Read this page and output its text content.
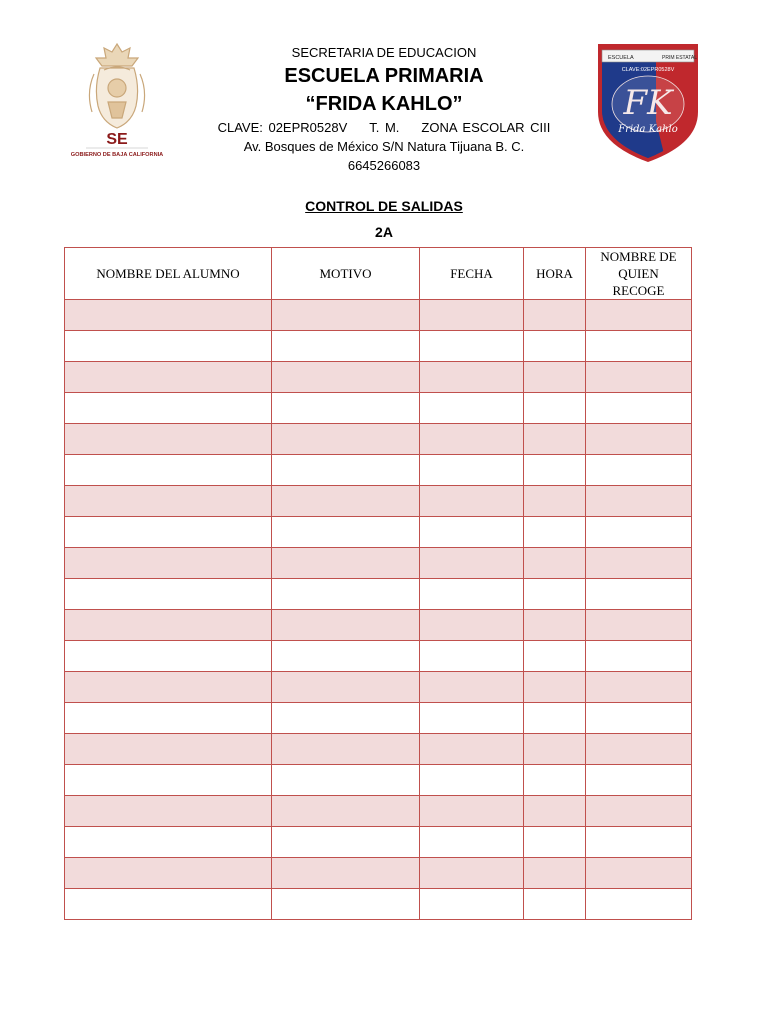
SE
GOBIERNO DE BAJA CALIFORNIA
SECRETARIA DE EDUCACION
ESCUELA PRIMARIA
“FRIDA KAHLO”
CLAVE: 02EPR0528V T. M. ZONA ESCOLAR CIII
Av. Bosques de México S/N Natura Tijuana B. C.
6645266083
ESCUELA	PRIM ESTATAL
CLAVE:02EPR0528V
FK
Frida Kahlo
CONTROL DE SALIDAS
2A
NOMBRE DEL ALUMNO	MOTIVO	FECHA	HORA	NOMBRE DE QUIEN RECOGE
